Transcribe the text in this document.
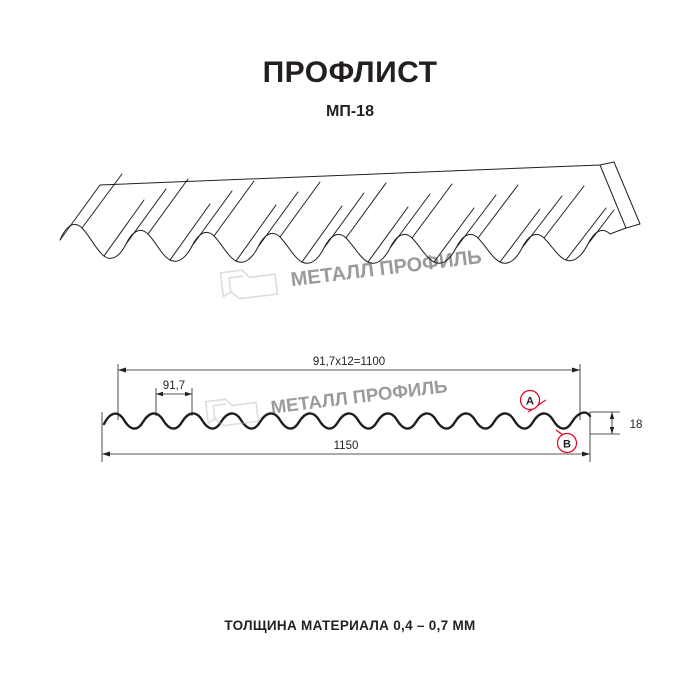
ПРОФЛИСТ
МП-18
91,7х12=1100
91,7
1150
18
A
B
МЕТАЛЛ ПРОФИЛЬ
МЕТАЛЛ ПРОФИЛЬ
ТОЛЩИНА МАТЕРИАЛА 0,4 – 0,7 ММ
